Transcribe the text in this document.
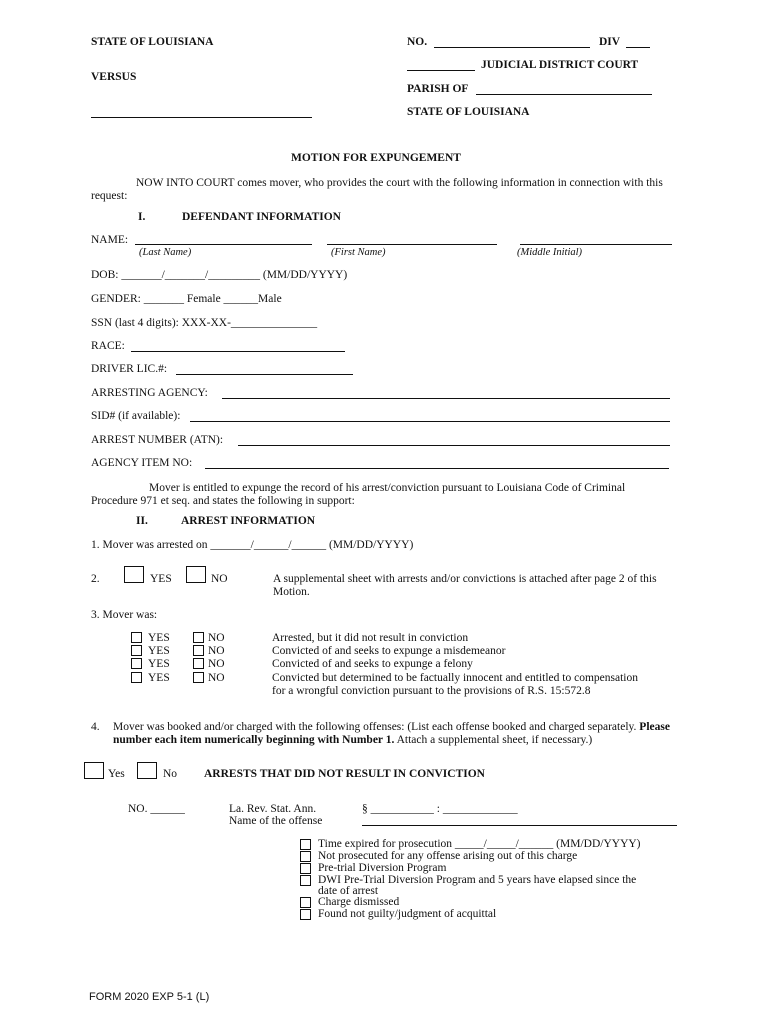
STATE OF LOUISIANA
VERSUS
NO.	DIV
JUDICIAL DISTRICT COURT
PARISH OF
STATE OF LOUISIANA
MOTION FOR EXPUNGEMENT
NOW INTO COURT comes mover, who provides the court with the following information in connection with this request:
I.	DEFENDANT INFORMATION
NAME:
(Last Name)	(First Name)	(Middle Initial)
DOB: _______/_______/_________ (MM/DD/YYYY)
GENDER: _______ Female ______Male
SSN (last 4 digits): XXX-XX-_______________
RACE:
DRIVER LIC.#:
ARRESTING AGENCY:
SID# (if available):
ARREST NUMBER (ATN):
AGENCY ITEM NO:
Mover is entitled to expunge the record of his arrest/conviction pursuant to Louisiana Code of Criminal Procedure 971 et seq. and states the following in support:
II.	ARREST INFORMATION
1. Mover was arrested on _______/______/______ (MM/DD/YYYY)
2.	YES	NO	A supplemental sheet with arrests and/or convictions is attached after page 2 of this Motion.
3. Mover was:
YES	NO	Arrested, but it did not result in conviction
YES	NO	Convicted of and seeks to expunge a misdemeanor
YES	NO	Convicted of and seeks to expunge a felony
YES	NO	Convicted but determined to be factually innocent and entitled to compensation
for a wrongful conviction pursuant to the provisions of R.S. 15:572.8
4. Mover was booked and/or charged with the following offenses: (List each offense booked and charged separately. Please number each item numerically beginning with Number 1. Attach a supplemental sheet, if necessary.)
Yes	No ARRESTS THAT DID NOT RESULT IN CONVICTION
NO. ______	La. Rev. Stat. Ann.
Name of the offense
§ ___________ : _____________
Time expired for prosecution _____/_____/______ (MM/DD/YYYY)
Not prosecuted for any offense arising out of this charge
Pre-trial Diversion Program
DWI Pre-Trial Diversion Program and 5 years have elapsed since the
date of arrest
Charge dismissed
Found not guilty/judgment of acquittal
FORM 2020 EXP 5-1 (L)
